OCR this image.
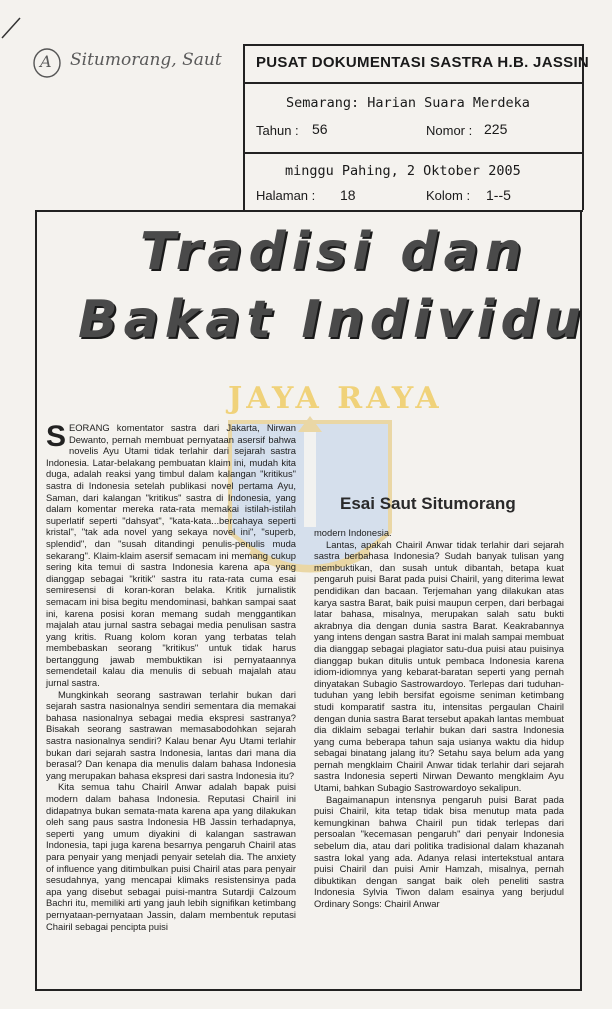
A Situmorang, Saut	PUSAT DOKUMENTASI SASTRA H.B. JASSIN
Semarang: Harian Suara Merdeka
Tahun : 56	Nomor : 225
minggu Pahing, 2 Oktober 2005
Halaman : 18	Kolom : 1--5
Tradisi dan
Bakat Individu
JAYA RAYA
Esai Saut Situmorang

SEORANG komentator sastra dari Jakarta, Nirwan Dewanto, pernah membuat pernyataan asersif bahwa novelis Ayu Utami tidak terlahir dari sejarah sastra Indonesia. Latar-belakang pembuatan klaim ini, mudah kita duga, adalah reaksi yang timbul dalam kalangan "kritikus" sastra di Indonesia setelah publikasi novel pertama Ayu, Saman, dari kalangan "kritikus" sastra di Indonesia, yang dalam komentar mereka rata-rata memakai istilah-istilah superlatif seperti "dahsyat", "kata-kata...bercahaya seperti kristal", "tak ada novel yang sekaya novel ini", "superb, splendid", dan "susah ditandingi penulis-penulis muda sekarang". Klaim-klaim asersif semacam ini memang cukup sering kita temui di sastra Indonesia karena apa yang dianggap sebagai "kritik" sastra itu rata-rata cuma esai semiresensi di koran-koran belaka. Kritik jurnalistik semacam ini bisa begitu mendominasi, bahkan sampai saat ini, karena posisi koran memang sudah menggantikan majalah atau jurnal sastra sebagai media penulisan sastra yang kritis. Ruang kolom koran yang terbatas telah membebaskan seorang "kritikus" untuk tidak harus bertanggung jawab membuktikan isi pernyataannya semendetail kalau dia menulis di sebuah majalah atau jurnal sastra.

Mungkinkah seorang sastrawan terlahir bukan dari sejarah sastra nasionalnya sendiri sementara dia memakai bahasa nasionalnya sebagai media ekspresi sastranya? Bisakah seorang sastrawan memasabodohkan sejarah sastra nasionalnya sendiri? Kalau benar Ayu Utami terlahir bukan dari sejarah sastra Indonesia, lantas dari mana dia berasal? Dan kenapa dia menulis dalam bahasa Indonesia yang merupakan bahasa ekspresi dari sastra Indonesia itu?

Kita semua tahu Chairil Anwar adalah bapak puisi modern dalam bahasa Indonesia. Reputasi Chairil ini didapatnya bukan semata-mata karena apa yang dilakukan oleh sang paus sastra Indonesia HB Jassin terhadapnya, seperti yang umum diyakini di kalangan sastrawan Indonesia, tapi juga karena besarnya pengaruh Chairil atas para penyair yang menjadi penyair setelah dia. The anxiety of influence yang ditimbulkan puisi Chairil atas para penyair sesudahnya, yang mencapai klimaks resistensinya pada apa yang disebut sebagai puisi-mantra Sutardji Calzoum Bachri itu, memiliki arti yang jauh lebih signifikan ketimbang pernyataan-pernyataan Jassin, dalam membentuk reputasi Chairil sebagai pencipta puisi

modern Indonesia.

Lantas, apakah Chairil Anwar tidak terlahir dari sejarah sastra berbahasa Indonesia? Sudah banyak tulisan yang membuktikan, dan susah untuk dibantah, betapa kuat pengaruh puisi Barat pada puisi Chairil, yang diterima lewat pendidikan dan bacaan. Terjemahan yang dilakukan atas karya sastra Barat, baik puisi maupun cerpen, dari berbagai latar bahasa, misalnya, merupakan salah satu bukti akrabnya dia dengan dunia sastra Barat. Keakrabannya yang intens dengan sastra Barat ini malah sampai membuat dia dianggap sebagai plagiator satu-dua puisi atau puisinya dianggap bukan ditulis untuk pembaca Indonesia karena idiom-idiomnya yang kebarat-baratan seperti yang pernah dinyatakan Subagio Sastrowardoyo. Terlepas dari tuduhan-tuduhan yang lebih bersifat egoisme seniman ketimbang studi komparatif sastra itu, intensitas pergaulan Chairil dengan dunia sastra Barat tersebut apakah lantas membuat dia diklaim sebagai terlahir bukan dari sastra Indonesia yang cuma beberapa tahun saja usianya waktu dia hidup sebagai binatang jalang itu? Setahu saya belum ada yang pernah mengklaim Chairil Anwar tidak terlahir dari sejarah sastra Indonesia seperti Nirwan Dewanto mengklaim Ayu Utami, bahkan Subagio Sastrowardoyo sekalipun.

Bagaimanapun intensnya pengaruh puisi Barat pada puisi Chairil, kita tetap tidak bisa menutup mata pada kemungkinan bahwa Chairil pun tidak terlepas dari persoalan "kecemasan pengaruh" dari penyair Indonesia sebelum dia, atau dari politika tradisional dalam khazanah sastra lokal yang ada. Adanya relasi intertekstual antara puisi Chairil dan puisi Amir Hamzah, misalnya, pernah dibuktikan dengan sangat baik oleh peneliti sastra Indonesia Sylvia Tiwon dalam esainya yang berjudul Ordinary Songs: Chairil Anwar
